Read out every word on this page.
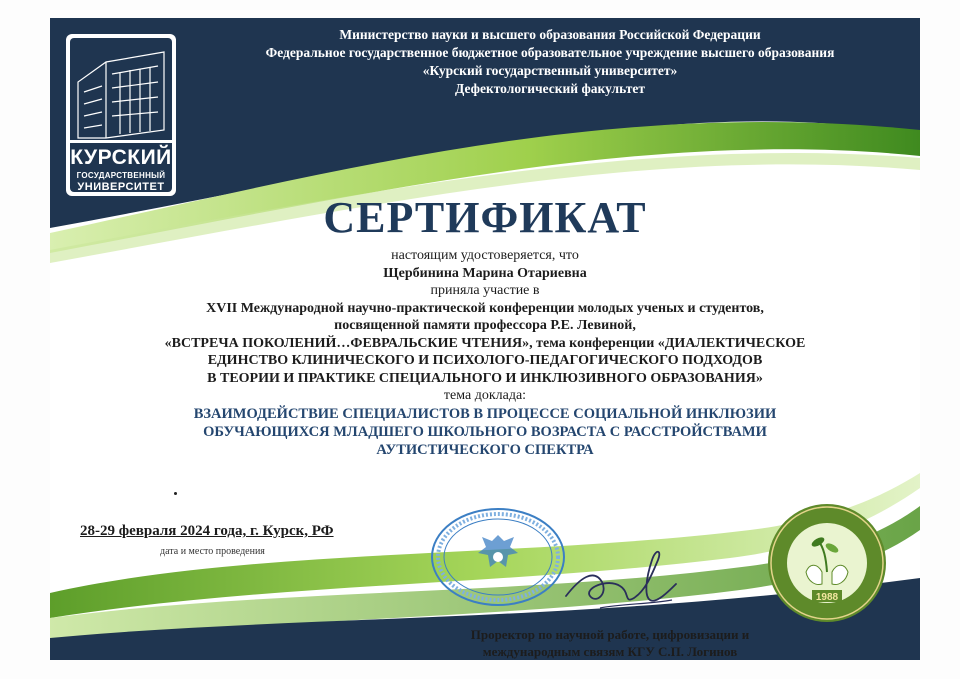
Министерство науки и высшего образования Российской Федерации
Федеральное государственное бюджетное образовательное учреждение высшего образования
«Курский государственный университет»
Дефектологический факультет
КУРСКИЙ
ГОСУДАРСТВЕННЫЙ
УНИВЕРСИТЕТ
СЕРТИФИКАТ
настоящим удостоверяется, что
Щербинина Марина Отариевна
приняла участие в
XVII Международной научно-практической конференции молодых ученых и студентов,
посвященной памяти профессора Р.Е. Левиной,
«ВСТРЕЧА ПОКОЛЕНИЙ…ФЕВРАЛЬСКИЕ ЧТЕНИЯ», тема конференции «ДИАЛЕКТИЧЕСКОЕ
ЕДИНСТВО КЛИНИЧЕСКОГО И ПСИХОЛОГО-ПЕДАГОГИЧЕСКОГО ПОДХОДОВ
В ТЕОРИИ И ПРАКТИКЕ СПЕЦИАЛЬНОГО И ИНКЛЮЗИВНОГО ОБРАЗОВАНИЯ»
тема доклада:
ВЗАИМОДЕЙСТВИЕ СПЕЦИАЛИСТОВ В ПРОЦЕССЕ СОЦИАЛЬНОЙ ИНКЛЮЗИИ
ОБУЧАЮЩИХСЯ МЛАДШЕГО ШКОЛЬНОГО ВОЗРАСТА С РАССТРОЙСТВАМИ
АУТИСТИЧЕСКОГО СПЕКТРА
28-29 февраля 2024 года, г. Курск, РФ
дата и место проведения
1988
Проректор по научной работе, цифровизации и
международным связям КГУ С.П. Логинов
